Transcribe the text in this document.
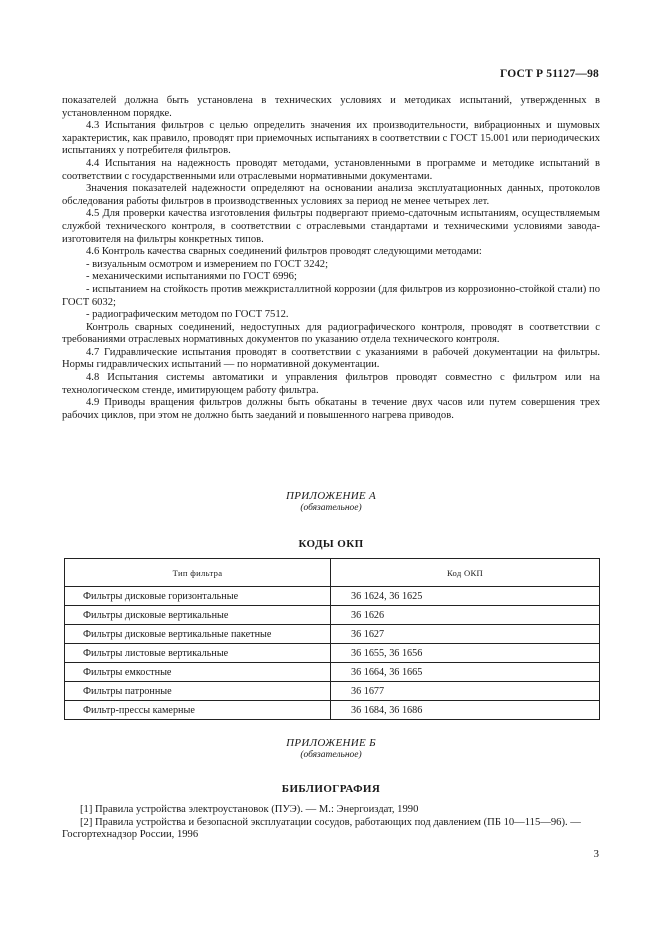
ГОСТ Р 51127—98

показателей должна быть установлена в технических условиях и методиках испытаний, утвержденных в установленном порядке.

4.3 Испытания фильтров с целью определить значения их производительности, вибрационных и шумовых характеристик, как правило, проводят при приемочных испытаниях в соответствии с ГОСТ 15.001 или периодических испытаниях у потребителя фильтров.

4.4 Испытания на надежность проводят методами, установленными в программе и методике испытаний в соответствии с государственными или отраслевыми нормативными документами.

Значения показателей надежности определяют на основании анализа эксплуатационных данных, протоколов обследования работы фильтров в производственных условиях за период не менее четырех лет.

4.5 Для проверки качества изготовления фильтры подвергают приемо-сдаточным испытаниям, осуществляемым службой технического контроля, в соответствии с отраслевыми стандартами и техническими условиями завода-изготовителя на фильтры конкретных типов.

4.6 Контроль качества сварных соединений фильтров проводят следующими методами:

- визуальным осмотром и измерением по ГОСТ 3242;

- механическими испытаниями по ГОСТ 6996;

- испытанием на стойкость против межкристаллитной коррозии (для фильтров из коррозионно-стойкой стали) по ГОСТ 6032;

- радиографическим методом по ГОСТ 7512.

Контроль сварных соединений, недоступных для радиографического контроля, проводят в соответствии с требованиями отраслевых нормативных документов по указанию отдела технического контроля.

4.7 Гидравлические испытания проводят в соответствии с указаниями в рабочей документации на фильтры. Нормы гидравлических испытаний — по нормативной документации.

4.8 Испытания системы автоматики и управления фильтров проводят совместно с фильтром или на технологическом стенде, имитирующем работу фильтра.

4.9 Приводы вращения фильтров должны быть обкатаны в течение двух часов или путем совершения трех рабочих циклов, при этом не должно быть заеданий и повышенного нагрева приводов.

ПРИЛОЖЕНИЕ А
(обязательное)
КОДЫ ОКП
Тип фильтра	Код ОКП
Фильтры дисковые горизонтальные	36 1624, 36 1625
Фильтры дисковые вертикальные	36 1626
Фильтры дисковые вертикальные пакетные	36 1627
Фильтры листовые вертикальные	36 1655, 36 1656
Фильтры емкостные	36 1664, 36 1665
Фильтры патронные	36 1677
Фильтр-прессы камерные	36 1684, 36 1686
ПРИЛОЖЕНИЕ Б
(обязательное)
БИБЛИОГРАФИЯ

[1] Правила устройства электроустановок (ПУЭ). — М.: Энергоиздат, 1990

[2] Правила устройства и безопасной эксплуатации сосудов, работающих под давлением (ПБ 10—115—96). — Госгортехнадзор России, 1996

3
